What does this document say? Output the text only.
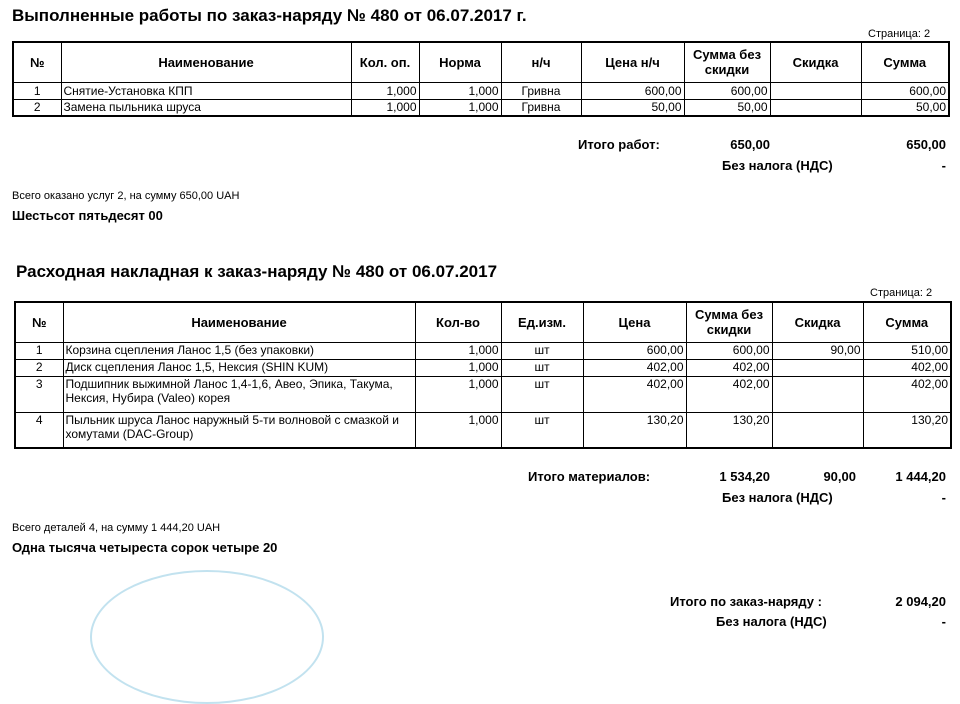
Выполненные работы по заказ-наряду № 480 от 06.07.2017 г.
Страница: 2
№	Наименование	Кол. оп.	Норма	н/ч	Цена н/ч	Сумма без скидки	Скидка	Сумма
1	Снятие-Установка КПП	1,000	1,000	Гривна	600,00	600,00		600,00
2	Замена пыльника шруса	1,000	1,000	Гривна	50,00	50,00		50,00
Итого работ:	650,00	650,00
Без налога (НДС)	-
Всего оказано услуг 2, на сумму 650,00 UAH
Шестьсот пятьдесят 00
Расходная накладная к заказ-наряду № 480 от 06.07.2017
Страница: 2
№	Наименование	Кол-во	Ед.изм.	Цена	Сумма без скидки	Скидка	Сумма
1	Корзина сцепления Ланос 1,5 (без упаковки)	1,000	шт	600,00	600,00	90,00	510,00
2	Диск сцепления Ланос 1,5, Нексия (SHIN KUM)	1,000	шт	402,00	402,00		402,00
3	Подшипник выжимной Ланос 1,4-1,6, Авео, Эпика, Такума, Нексия, Нубира (Valeo) корея	1,000	шт	402,00	402,00		402,00
4	Пыльник шруса Ланос наружный 5-ти волновой с смазкой и хомутами (DAC-Group)	1,000	шт	130,20	130,20		130,20
Итого материалов:	1 534,20	90,00	1 444,20
Без налога (НДС)	-
Всего деталей 4, на сумму 1 444,20 UAH
Одна тысяча четыреста сорок четыре 20
Итого по заказ-наряду :	2 094,20
Без налога (НДС)	-
